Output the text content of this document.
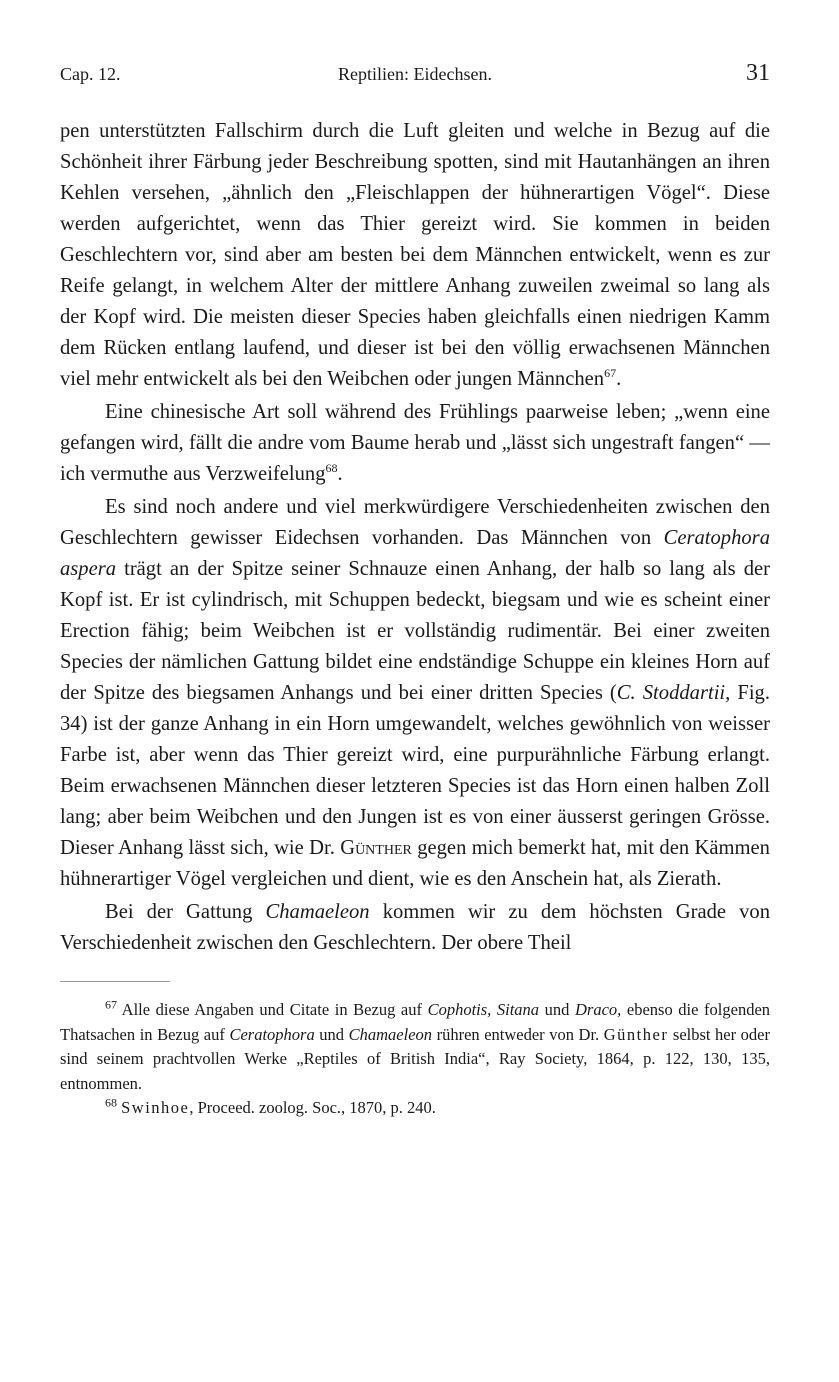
Cap. 12.	Reptilien: Eidechsen.	31

pen unterstützten Fallschirm durch die Luft gleiten und welche in Bezug auf die Schönheit ihrer Färbung jeder Beschreibung spotten, sind mit Hautanhängen an ihren Kehlen versehen, „ähnlich den „Fleischlappen der hühnerartigen Vögel“. Diese werden aufgerichtet, wenn das Thier gereizt wird. Sie kommen in beiden Geschlechtern vor, sind aber am besten bei dem Männchen entwickelt, wenn es zur Reife gelangt, in welchem Alter der mittlere Anhang zuweilen zweimal so lang als der Kopf wird. Die meisten dieser Species haben gleichfalls einen niedrigen Kamm dem Rücken entlang laufend, und dieser ist bei den völlig erwachsenen Männchen viel mehr entwickelt als bei den Weibchen oder jungen Männchen$^{67}$.

Eine chinesische Art soll während des Frühlings paarweise leben; „wenn eine gefangen wird, fällt die andre vom Baume herab und „lässt sich ungestraft fangen“ — ich vermuthe aus Verzweifelung$^{68}$.

Es sind noch andere und viel merkwürdigere Verschiedenheiten zwischen den Geschlechtern gewisser Eidechsen vorhanden. Das Männchen von Ceratophora aspera trägt an der Spitze seiner Schnauze einen Anhang, der halb so lang als der Kopf ist. Er ist cylindrisch, mit Schuppen bedeckt, biegsam und wie es scheint einer Erection fähig; beim Weibchen ist er vollständig rudimentär. Bei einer zweiten Species der nämlichen Gattung bildet eine endständige Schuppe ein kleines Horn auf der Spitze des biegsamen Anhangs und bei einer dritten Species (C. Stoddartii, Fig. 34) ist der ganze Anhang in ein Horn umgewandelt, welches gewöhnlich von weisser Farbe ist, aber wenn das Thier gereizt wird, eine purpurähnliche Färbung erlangt. Beim erwachsenen Männchen dieser letzteren Species ist das Horn einen halben Zoll lang; aber beim Weibchen und den Jungen ist es von einer äusserst geringen Grösse. Dieser Anhang lässt sich, wie Dr. Günther gegen mich bemerkt hat, mit den Kämmen hühnerartiger Vögel vergleichen und dient, wie es den Anschein hat, als Zierath.

Bei der Gattung Chamaeleon kommen wir zu dem höchsten Grade von Verschiedenheit zwischen den Geschlechtern. Der obere Theil

$^{67}$ Alle diese Angaben und Citate in Bezug auf Cophotis, Sitana und Draco, ebenso die folgenden Thatsachen in Bezug auf Ceratophora und Chamaeleon rühren entweder von Dr. Günther selbst her oder sind seinem prachtvollen Werke „Reptiles of British India“, Ray Society, 1864, p. 122, 130, 135, entnommen.

$^{68}$ Swinhoe, Proceed. zoolog. Soc., 1870, p. 240.
